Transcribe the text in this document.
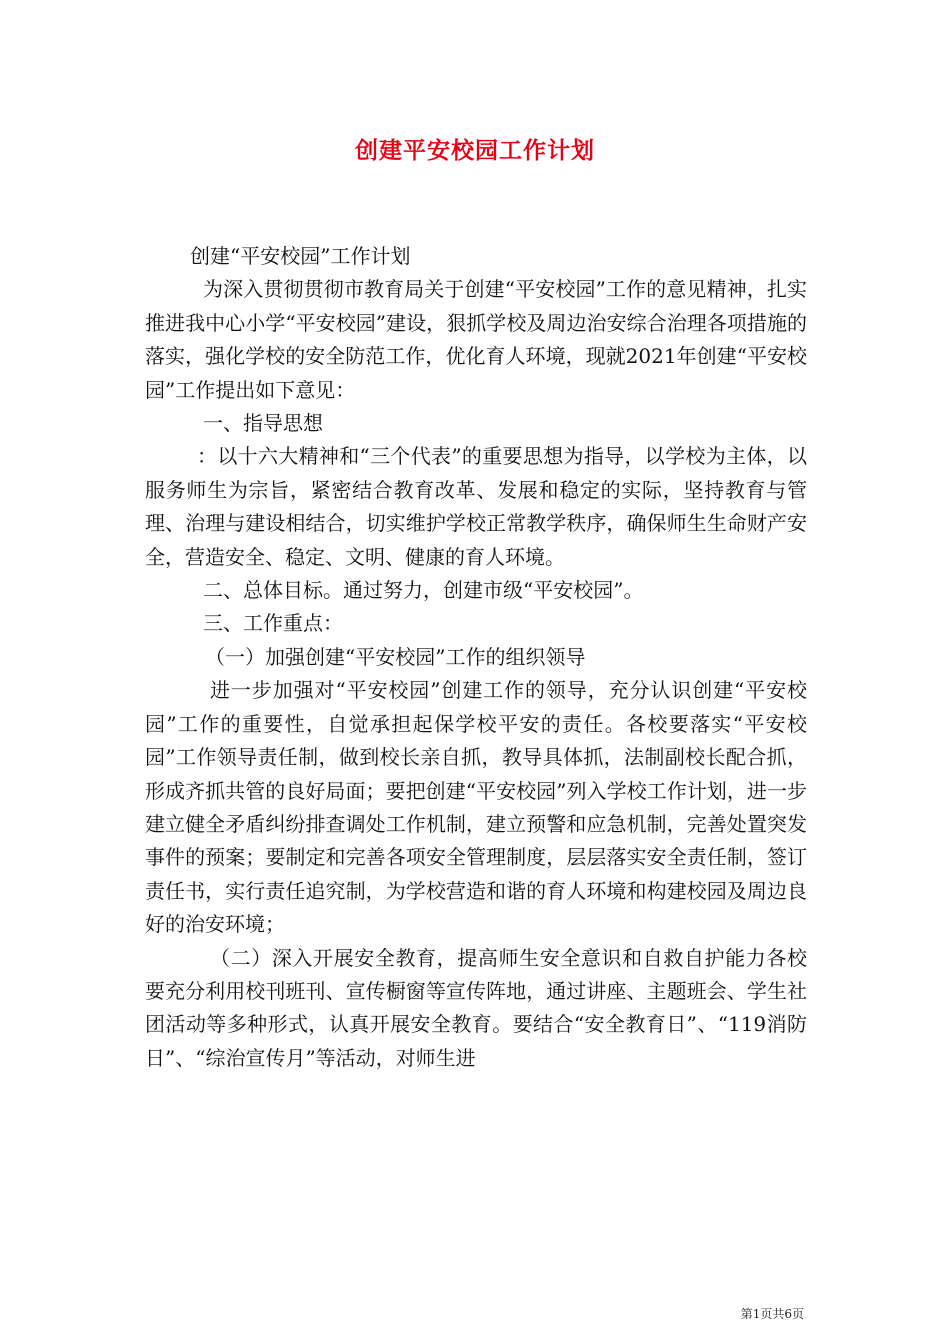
创建平安校园工作计划

创建“平安校园”工作计划

为深入贯彻贯彻市教育局关于创建“平安校园”工作的意见精神，扎实推进我中心小学“平安校园”建设，狠抓学校及周边治安综合治理各项措施的落实，强化学校的安全防范工作，优化育人环境，现就2021年创建“平安校园”工作提出如下意见：

一、指导思想

：以十六大精神和“三个代表”的重要思想为指导，以学校为主体，以服务师生为宗旨，紧密结合教育改革、发展和稳定的实际，坚持教育与管理、治理与建设相结合，切实维护学校正常教学秩序，确保师生生命财产安全，营造安全、稳定、文明、健康的育人环境。

二、总体目标。通过努力，创建市级“平安校园”。

三、工作重点：

（一）加强创建“平安校园”工作的组织领导

进一步加强对“平安校园”创建工作的领导，充分认识创建“平安校园”工作的重要性，自觉承担起保学校平安的责任。各校要落实“平安校园”工作领导责任制，做到校长亲自抓，教导具体抓，法制副校长配合抓，形成齐抓共管的良好局面；要把创建“平安校园”列入学校工作计划，进一步建立健全矛盾纠纷排查调处工作机制，建立预警和应急机制，完善处置突发事件的预案；要制定和完善各项安全管理制度，层层落实安全责任制，签订责任书，实行责任追究制，为学校营造和谐的育人环境和构建校园及周边良好的治安环境；

（二）深入开展安全教育，提高师生安全意识和自救自护能力各校要充分利用校刊班刊、宣传橱窗等宣传阵地，通过讲座、主题班会、学生社团活动等多种形式，认真开展安全教育。要结合“安全教育日”、“119消防日”、“综治宣传月”等活动，对师生进

第1页共6页
